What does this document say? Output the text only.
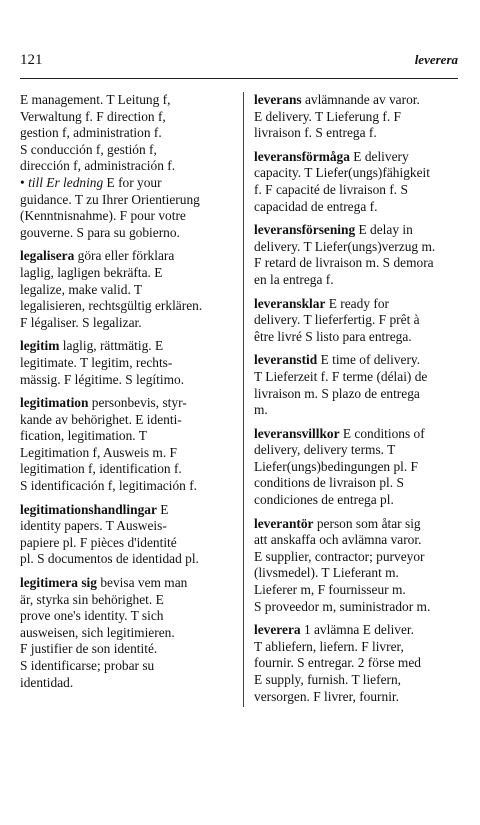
121	leverera

E management. T Leitung f,

Verwaltung f. F direction f,

gestion f, administration f.

S conducción f, gestión f,

dirección f, administración f.

• till Er ledning E for your

guidance. T zu Ihrer Orientierung

(Kenntnisnahme). F pour votre

gouverne. S para su gobierno.

legalisera göra eller förklara

laglig, lagligen bekräfta. E

legalize, make valid. T

legalisieren, rechtsgültig erklären.

F légaliser. S legalizar.

legitim laglig, rättmätig. E

legitimate. T legitim, rechts-

mässig. F légitime. S legítimo.

legitimation personbevis, styr-

kande av behörighet. E identi-

fication, legitimation. T

Legitimation f, Ausweis m. F

legitimation f, identification f.

S identificación f, legitimación f.

legitimationshandlingar E

identity papers. T Ausweis-

papiere pl. F pièces d'identité

pl. S documentos de identidad pl.

legitimera sig bevisa vem man

är, styrka sin behörighet. E

prove one's identity. T sich

ausweisen, sich legitimieren.

F justifier de son identité.

S identificarse; probar su

identidad.

leverans avlämnande av varor.

E delivery. T Lieferung f. F

livraison f. S entrega f.

leveransförmåga E delivery

capacity. T Liefer(ungs)fähigkeit

f. F capacité de livraison f. S

capacidad de entrega f.

leveransförsening E delay in

delivery. T Liefer(ungs)verzug m.

F retard de livraison m. S demora

en la entrega f.

leveransklar E ready for

delivery. T lieferfertig. F prêt à

être livré S listo para entrega.

leveranstid E time of delivery.

T Lieferzeit f. F terme (délai) de

livraison m. S plazo de entrega

m.

leveransvillkor E conditions of

delivery, delivery terms. T

Liefer(ungs)bedingungen pl. F

conditions de livraison pl. S

condiciones de entrega pl.

leverantör person som åtar sig

att anskaffa och avlämna varor.

E supplier, contractor; purveyor

(livsmedel). T Lieferant m.

Lieferer m, F fournisseur m.

S proveedor m, suministrador m.

leverera 1 avlämna E deliver.

T abliefern, liefern. F livrer,

fournir. S entregar. 2 förse med

E supply, furnish. T liefern,

versorgen. F livrer, fournir.
